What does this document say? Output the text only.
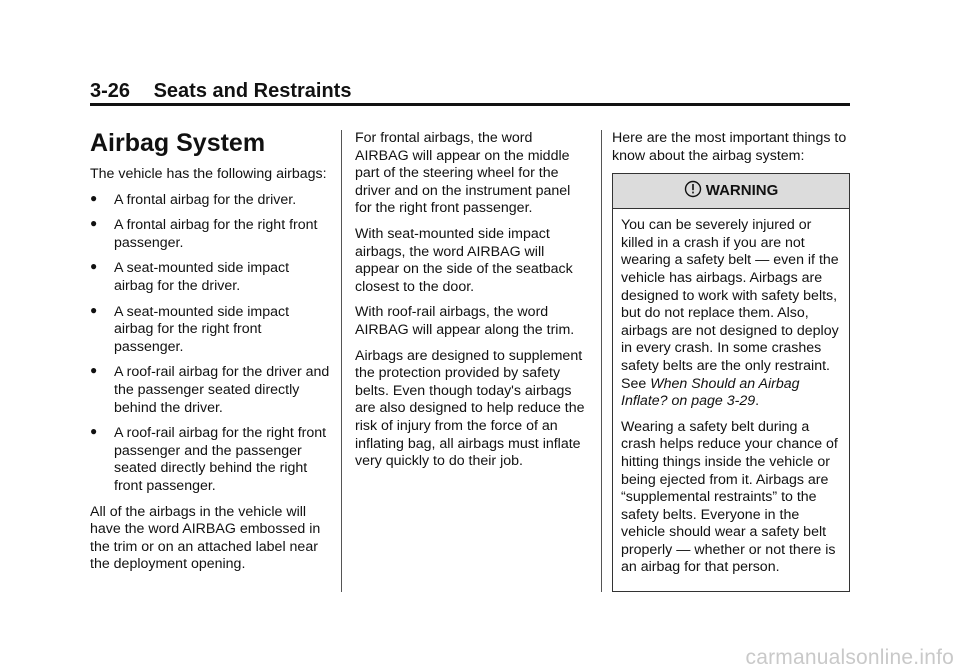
3-26 Seats and Restraints
Airbag System

The vehicle has the following airbags:

● A frontal airbag for the driver.
● A frontal airbag for the right front passenger.
● A seat-mounted side impact airbag for the driver.
● A seat-mounted side impact airbag for the right front passenger.
● A roof-rail airbag for the driver and the passenger seated directly behind the driver.
● A roof-rail airbag for the right front passenger and the passenger seated directly behind the right front passenger.

All of the airbags in the vehicle will have the word AIRBAG embossed in the trim or on an attached label near the deployment opening.

For frontal airbags, the word AIRBAG will appear on the middle part of the steering wheel for the driver and on the instrument panel for the right front passenger.

With seat-mounted side impact airbags, the word AIRBAG will appear on the side of the seatback closest to the door.

With roof-rail airbags, the word AIRBAG will appear along the trim.

Airbags are designed to supplement the protection provided by safety belts. Even though today's airbags are also designed to help reduce the risk of injury from the force of an inflating bag, all airbags must inflate very quickly to do their job.

Here are the most important things to know about the airbag system:

WARNING

You can be severely injured or killed in a crash if you are not wearing a safety belt — even if the vehicle has airbags. Airbags are designed to work with safety belts, but do not replace them. Also, airbags are not designed to deploy in every crash. In some crashes safety belts are the only restraint. See When Should an Airbag Inflate? on page 3-29.

Wearing a safety belt during a crash helps reduce your chance of hitting things inside the vehicle or being ejected from it. Airbags are “supplemental restraints” to the safety belts. Everyone in the vehicle should wear a safety belt properly — whether or not there is an airbag for that person.

carmanualsonline.info
